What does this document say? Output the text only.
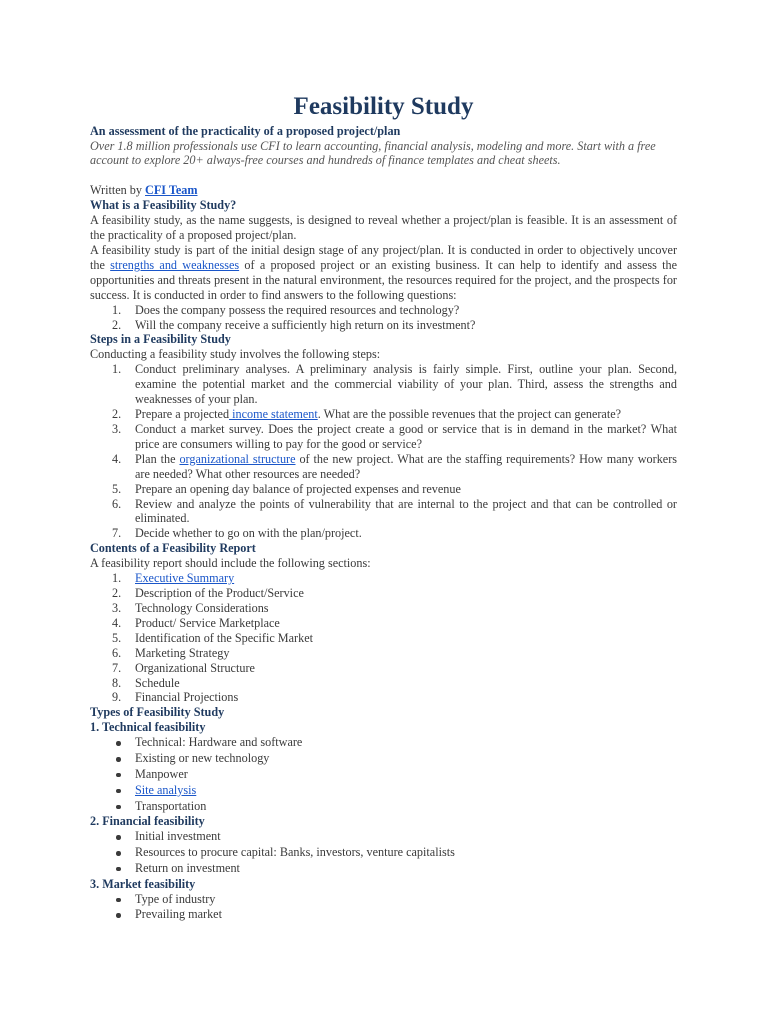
Feasibility Study
An assessment of the practicality of a proposed project/plan
Over 1.8 million professionals use CFI to learn accounting, financial analysis, modeling and more. Start with a free account to explore 20+ always-free courses and hundreds of finance templates and cheat sheets.
Written by CFI Team
What is a Feasibility Study?

A feasibility study, as the name suggests, is designed to reveal whether a project/plan is feasible. It is an assessment of the practicality of a proposed project/plan.

A feasibility study is part of the initial design stage of any project/plan. It is conducted in order to objectively uncover the strengths and weaknesses of a proposed project or an existing business. It can help to identify and assess the opportunities and threats present in the natural environment, the resources required for the project, and the prospects for success. It is conducted in order to find answers to the following questions:

1. Does the company possess the required resources and technology?
2. Will the company receive a sufficiently high return on its investment?
Steps in a Feasibility Study

Conducting a feasibility study involves the following steps:

1. Conduct preliminary analyses. A preliminary analysis is fairly simple. First, outline your plan. Second, examine the potential market and the commercial viability of your plan. Third, assess the strengths and weaknesses of your plan.
2. Prepare a projected income statement. What are the possible revenues that the project can generate?
3. Conduct a market survey. Does the project create a good or service that is in demand in the market? What price are consumers willing to pay for the good or service?
4. Plan the organizational structure of the new project. What are the staffing requirements? How many workers are needed? What other resources are needed?
5. Prepare an opening day balance of projected expenses and revenue
6. Review and analyze the points of vulnerability that are internal to the project and that can be controlled or eliminated.
7. Decide whether to go on with the plan/project.
Contents of a Feasibility Report

A feasibility report should include the following sections:

1. Executive Summary
2. Description of the Product/Service
3. Technology Considerations
4. Product/ Service Marketplace
5. Identification of the Specific Market
6. Marketing Strategy
7. Organizational Structure
8. Schedule
9. Financial Projections
Types of Feasibility Study
1. Technical feasibility
Technical: Hardware and software
Existing or new technology
Manpower
Site analysis
Transportation
2. Financial feasibility
Initial investment
Resources to procure capital: Banks, investors, venture capitalists
Return on investment
3. Market feasibility
Type of industry
Prevailing market
